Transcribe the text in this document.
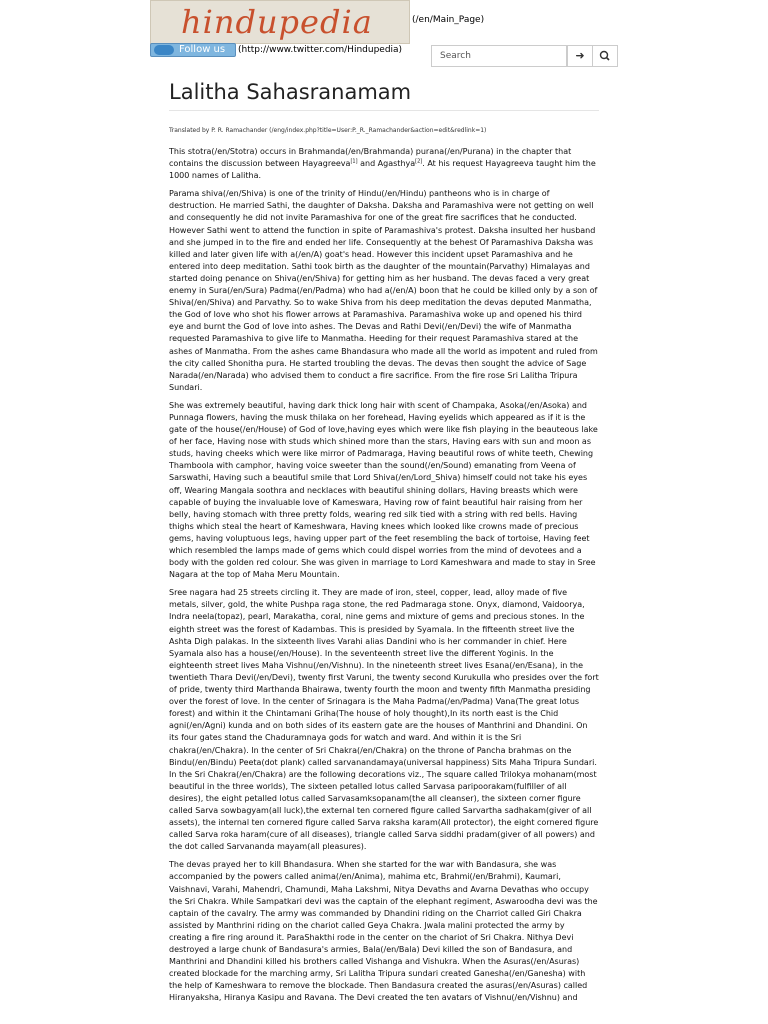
hindupedia	(/en/Main_Page)
Follow us	(http://www.twitter.com/Hindupedia)
Search	➜
Lalitha Sahasranamam
Translated by P. R. Ramachander (/eng/index.php?title=User:P._R._Ramachander&action=edit&redlink=1)

This stotra(/en/Stotra) occurs in Brahmanda(/en/Brahmanda) purana(/en/Purana) in the chapter that contains the discussion between Hayagreeva[1] and Agasthya[2]. At his request Hayagreeva taught him the 1000 names of Lalitha.

Parama shiva(/en/Shiva) is one of the trinity of Hindu(/en/Hindu) pantheons who is in charge of destruction. He married Sathi, the daughter of Daksha. Daksha and Paramashiva were not getting on well and consequently he did not invite Paramashiva for one of the great fire sacrifices that he conducted. However Sathi went to attend the function in spite of Paramashiva's protest. Daksha insulted her husband and she jumped in to the fire and ended her life. Consequently at the behest Of Paramashiva Daksha was killed and later given life with a(/en/A) goat's head. However this incident upset Paramashiva and he entered into deep meditation. Sathi took birth as the daughter of the mountain(Parvathy) Himalayas and started doing penance on Shiva(/en/Shiva) for getting him as her husband. The devas faced a very great enemy in Sura(/en/Sura) Padma(/en/Padma) who had a(/en/A) boon that he could be killed only by a son of Shiva(/en/Shiva) and Parvathy. So to wake Shiva from his deep meditation the devas deputed Manmatha, the God of love who shot his flower arrows at Paramashiva. Paramashiva woke up and opened his third eye and burnt the God of love into ashes. The Devas and Rathi Devi(/en/Devi) the wife of Manmatha requested Paramashiva to give life to Manmatha. Heeding for their request Paramashiva stared at the ashes of Manmatha. From the ashes came Bhandasura who made all the world as impotent and ruled from the city called Shonitha pura. He started troubling the devas. The devas then sought the advice of Sage Narada(/en/Narada) who advised them to conduct a fire sacrifice. From the fire rose Sri Lalitha Tripura Sundari.

She was extremely beautiful, having dark thick long hair with scent of Champaka, Asoka(/en/Asoka) and Punnaga flowers, having the musk thilaka on her forehead, Having eyelids which appeared as if it is the gate of the house(/en/House) of God of love,having eyes which were like fish playing in the beauteous lake of her face, Having nose with studs which shined more than the stars, Having ears with sun and moon as studs, having cheeks which were like mirror of Padmaraga, Having beautiful rows of white teeth, Chewing Thamboola with camphor, having voice sweeter than the sound(/en/Sound) emanating from Veena of Sarswathi, Having such a beautiful smile that Lord Shiva(/en/Lord_Shiva) himself could not take his eyes off, Wearing Mangala soothra and necklaces with beautiful shining dollars, Having breasts which were capable of buying the invaluable love of Kameswara, Having row of faint beautiful hair raising from her belly, having stomach with three pretty folds, wearing red silk tied with a string with red bells. Having thighs which steal the heart of Kameshwara, Having knees which looked like crowns made of precious gems, having voluptuous legs, having upper part of the feet resembling the back of tortoise, Having feet which resembled the lamps made of gems which could dispel worries from the mind of devotees and a body with the golden red colour. She was given in marriage to Lord Kameshwara and made to stay in Sree Nagara at the top of Maha Meru Mountain.

Sree nagara had 25 streets circling it. They are made of iron, steel, copper, lead, alloy made of five metals, silver, gold, the white Pushpa raga stone, the red Padmaraga stone. Onyx, diamond, Vaidoorya, Indra neela(topaz), pearl, Marakatha, coral, nine gems and mixture of gems and precious stones. In the eighth street was the forest of Kadambas. This is presided by Syamala. In the fifteenth street live the Ashta Digh palakas. In the sixteenth lives Varahi alias Dandini who is her commander in chief. Here Syamala also has a house(/en/House). In the seventeenth street live the different Yoginis. In the eighteenth street lives Maha Vishnu(/en/Vishnu). In the nineteenth street lives Esana(/en/Esana), in the twentieth Thara Devi(/en/Devi), twenty first Varuni, the twenty second Kurukulla who presides over the fort of pride, twenty third Marthanda Bhairawa, twenty fourth the moon and twenty fifth Manmatha presiding over the forest of love. In the center of Srinagara is the Maha Padma(/en/Padma) Vana(The great lotus forest) and within it the Chintamani Griha(The house of holy thought),In its north east is the Chid agni(/en/Agni) kunda and on both sides of its eastern gate are the houses of Manthrini and Dhandini. On its four gates stand the Chaduramnaya gods for watch and ward. And within it is the Sri chakra(/en/Chakra). In the center of Sri Chakra(/en/Chakra) on the throne of Pancha brahmas on the Bindu(/en/Bindu) Peeta(dot plank) called sarvanandamaya(universal happiness) Sits Maha Tripura Sundari. In the Sri Chakra(/en/Chakra) are the following decorations viz., The square called Trilokya mohanam(most beautiful in the three worlds), The sixteen petalled lotus called Sarvasa paripoorakam(fulfiller of all desires), the eight petalled lotus called Sarvasamksopanam(the all cleanser), the sixteen corner figure called Sarva sowbagyam(all luck),the external ten cornered figure called Sarvartha sadhakam(giver of all assets), the internal ten cornered figure called Sarva raksha karam(All protector), the eight cornered figure called Sarva roka haram(cure of all diseases), triangle called Sarva siddhi pradam(giver of all powers) and the dot called Sarvananda mayam(all pleasures).

The devas prayed her to kill Bhandasura. When she started for the war with Bandasura, she was accompanied by the powers called anima(/en/Anima), mahima etc, Brahmi(/en/Brahmi), Kaumari, Vaishnavi, Varahi, Mahendri, Chamundi, Maha Lakshmi, Nitya Devaths and Avarna Devathas who occupy the Sri Chakra. While Sampatkari devi was the captain of the elephant regiment, Aswaroodha devi was the captain of the cavalry. The army was commanded by Dhandini riding on the Charriot called Giri Chakra assisted by Manthrini riding on the chariot called Geya Chakra. Jwala malini protected the army by creating a fire ring around it. ParaShakthi rode in the center on the chariot of Sri Chakra. Nithya Devi destroyed a large chunk of Bandasura's armies, Bala(/en/Bala) Devi killed the son of Bandasura, and Manthrini and Dhandini killed his brothers called Vishanga and Vishukra. When the Asuras(/en/Asuras) created blockade for the marching army, Sri Lalitha Tripura sundari created Ganesha(/en/Ganesha) with the help of Kameshwara to remove the blockade. Then Bandasura created the asuras(/en/Asuras) called Hiranyaksha, Hiranya Kasipu and Ravana. The Devi created the ten avatars of Vishnu(/en/Vishnu) and
